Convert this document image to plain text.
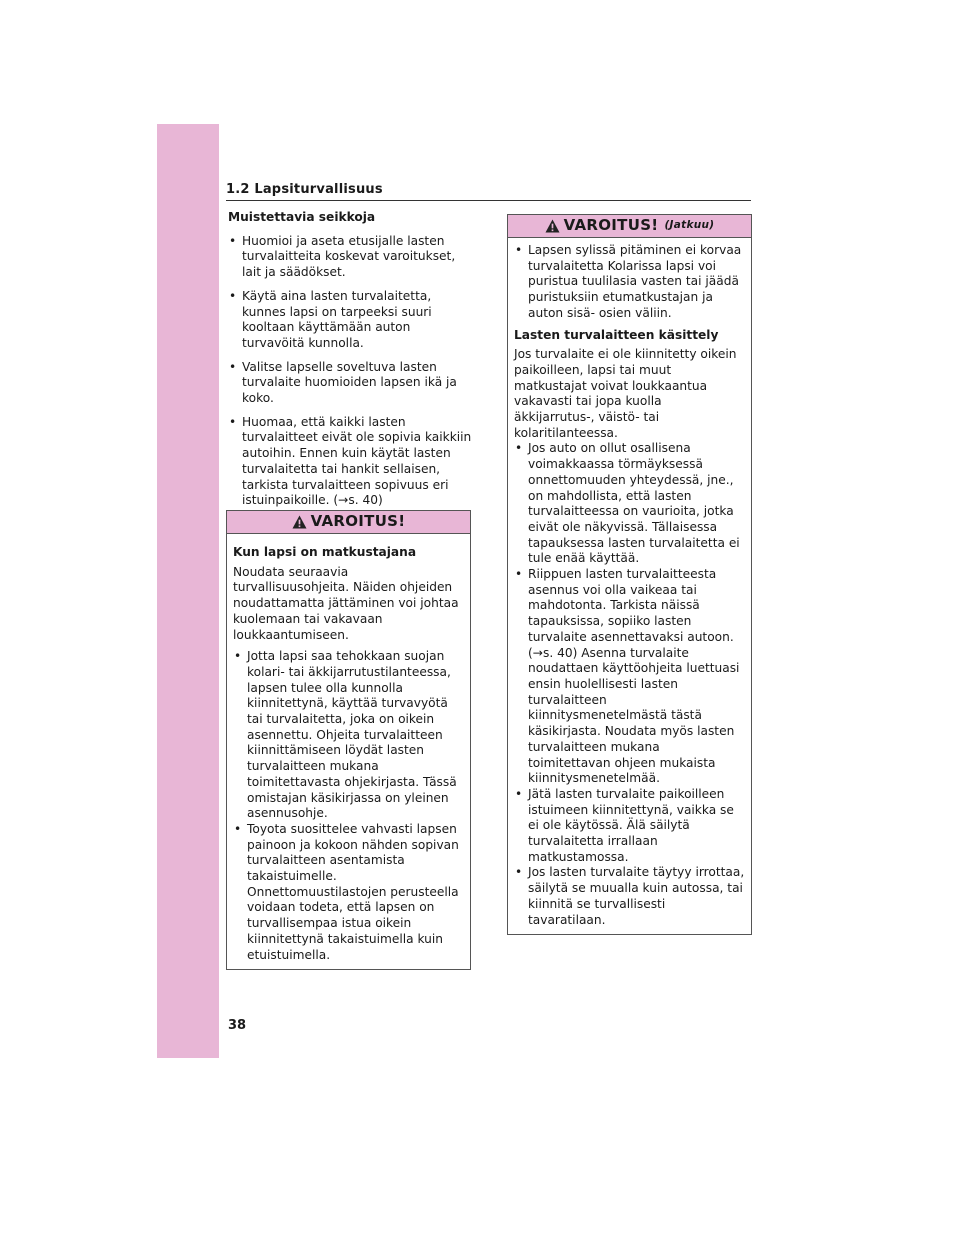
1.2 Lapsiturvallisuus
Muistettavia seikkoja
• Huomioi ja aseta etusijalle lasten turvalaitteita koskevat varoitukset, lait ja säädökset.
• Käytä aina lasten turvalaitetta, kunnes lapsi on tarpeeksi suuri kooltaan käyttämään auton turvavöitä kunnolla.
• Valitse lapselle soveltuva lasten turvalaite huomioiden lapsen ikä ja koko.
• Huomaa, että kaikki lasten turvalaitteet eivät ole sopivia kaikkiin autoihin. Ennen kuin käytät lasten turvalaitetta tai hankit sellaisen, tarkista turvalaitteen sopivuus eri istuinpaikoille. (→s. 40)
VAROITUS!
Kun lapsi on matkustajana

Noudata seuraavia turvallisuusohjeita. Näiden ohjeiden noudattamatta jättäminen voi johtaa kuolemaan tai vakavaan loukkaantumiseen.

• Jotta lapsi saa tehokkaan suojan kolari- tai äkkijarrutustilanteessa, lapsen tulee olla kunnolla kiinnitettynä, käyttää turvavyötä tai turvalaitetta, joka on oikein asennettu. Ohjeita turvalaitteen kiinnittämiseen löydät lasten turvalaitteen mukana toimitettavasta ohjekirjasta. Tässä omistajan käsikirjassa on yleinen asennusohje.
• Toyota suosittelee vahvasti lapsen painoon ja kokoon nähden sopivan turvalaitteen asentamista takaistuimelle. Onnettomuustilastojen perusteella voidaan todeta, että lapsen on turvallisempaa istua oikein kiinnitettynä takaistuimella kuin etuistuimella.
VAROITUS! (Jatkuu)
• Lapsen sylissä pitäminen ei korvaa turvalaitetta Kolarissa lapsi voi puristua tuulilasia vasten tai jäädä puristuksiin etumatkustajan ja auton sisä- osien väliin.
Lasten turvalaitteen käsittely

Jos turvalaite ei ole kiinnitetty oikein paikoilleen, lapsi tai muut matkustajat voivat loukkaantua vakavasti tai jopa kuolla äkkijarrutus-, väistö- tai kolaritilanteessa.

• Jos auto on ollut osallisena voimakkaassa törmäyksessä onnettomuuden yhteydessä, jne., on mahdollista, että lasten turvalaitteessa on vaurioita, jotka eivät ole näkyvissä. Tällaisessa tapauksessa lasten turvalaitetta ei tule enää käyttää.
• Riippuen lasten turvalaitteesta asennus voi olla vaikeaa tai mahdotonta. Tarkista näissä tapauksissa, sopiiko lasten turvalaite asennettavaksi autoon. (→s. 40) Asenna turvalaite noudattaen käyttöohjeita luettuasi ensin huolellisesti lasten turvalaitteen kiinnitysmenetelmästä tästä käsikirjasta. Noudata myös lasten turvalaitteen mukana toimitettavan ohjeen mukaista kiinnitysmenetelmää.
• Jätä lasten turvalaite paikoilleen istuimeen kiinnitettynä, vaikka se ei ole käytössä. Älä säilytä turvalaitetta irrallaan matkustamossa.
• Jos lasten turvalaite täytyy irrottaa, säilytä se muualla kuin autossa, tai kiinnitä se turvallisesti tavaratilaan.
38
